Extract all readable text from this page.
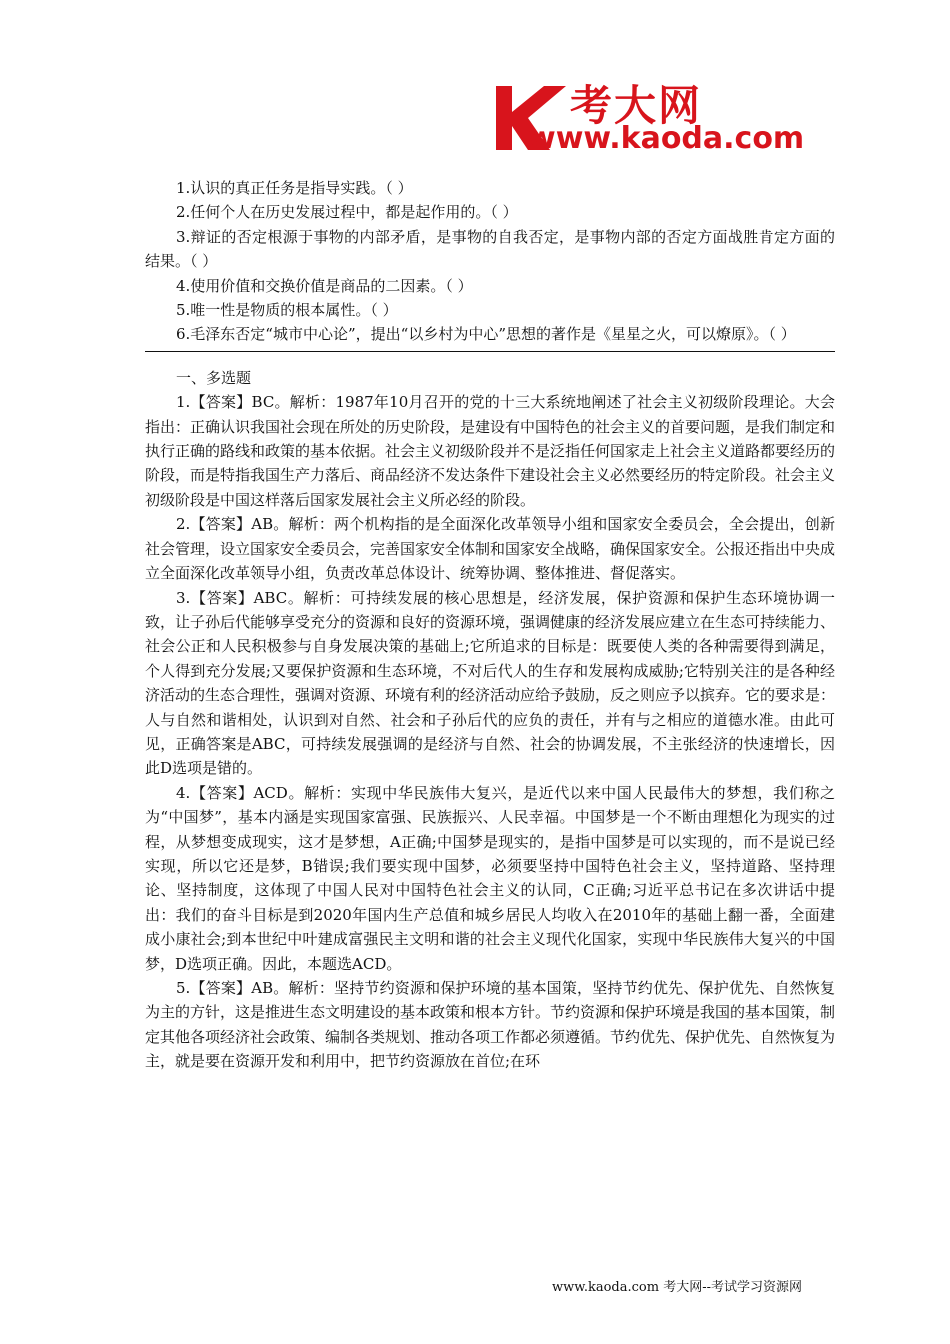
考大网
www.kaoda.com

1.认识的真正任务是指导实践。（ ）

2.任何个人在历史发展过程中，都是起作用的。（ ）

3.辩证的否定根源于事物的内部矛盾，是事物的自我否定，是事物内部的否定方面战胜肯定方面的结果。（ ）

4.使用价值和交换价值是商品的二因素。（ ）

5.唯一性是物质的根本属性。（ ）

6.毛泽东否定“城市中心论”，提出“以乡村为中心”思想的著作是《星星之火，可以燎原》。（ ）

一、多选题

1.【答案】BC。解析：1987年10月召开的党的十三大系统地阐述了社会主义初级阶段理论。大会指出：正确认识我国社会现在所处的历史阶段，是建设有中国特色的社会主义的首要问题，是我们制定和执行正确的路线和政策的基本依据。社会主义初级阶段并不是泛指任何国家走上社会主义道路都要经历的阶段，而是特指我国生产力落后、商品经济不发达条件下建设社会主义必然要经历的特定阶段。社会主义初级阶段是中国这样落后国家发展社会主义所必经的阶段。

2.【答案】AB。解析：两个机构指的是全面深化改革领导小组和国家安全委员会，全会提出，创新社会管理，设立国家安全委员会，完善国家安全体制和国家安全战略，确保国家安全。公报还指出中央成立全面深化改革领导小组，负责改革总体设计、统筹协调、整体推进、督促落实。

3.【答案】ABC。解析：可持续发展的核心思想是，经济发展，保护资源和保护生态环境协调一致，让子孙后代能够享受充分的资源和良好的资源环境，强调健康的经济发展应建立在生态可持续能力、社会公正和人民积极参与自身发展决策的基础上;它所追求的目标是：既要使人类的各种需要得到满足，个人得到充分发展;又要保护资源和生态环境，不对后代人的生存和发展构成威胁;它特别关注的是各种经济活动的生态合理性，强调对资源、环境有利的经济活动应给予鼓励，反之则应予以摈弃。它的要求是：人与自然和谐相处，认识到对自然、社会和子孙后代的应负的责任，并有与之相应的道德水准。由此可见，正确答案是ABC，可持续发展强调的是经济与自然、社会的协调发展，不主张经济的快速增长，因此D选项是错的。

4.【答案】ACD。解析：实现中华民族伟大复兴，是近代以来中国人民最伟大的梦想，我们称之为“中国梦”，基本内涵是实现国家富强、民族振兴、人民幸福。中国梦是一个不断由理想化为现实的过程，从梦想变成现实，这才是梦想，A正确;中国梦是现实的，是指中国梦是可以实现的，而不是说已经实现，所以它还是梦，B错误;我们要实现中国梦，必须要坚持中国特色社会主义，坚持道路、坚持理论、坚持制度，这体现了中国人民对中国特色社会主义的认同，C正确;习近平总书记在多次讲话中提出：我们的奋斗目标是到2020年国内生产总值和城乡居民人均收入在2010年的基础上翻一番，全面建成小康社会;到本世纪中叶建成富强民主文明和谐的社会主义现代化国家，实现中华民族伟大复兴的中国梦，D选项正确。因此，本题选ACD。

5.【答案】AB。解析：坚持节约资源和保护环境的基本国策，坚持节约优先、保护优先、自然恢复为主的方针，这是推进生态文明建设的基本政策和根本方针。节约资源和保护环境是我国的基本国策，制定其他各项经济社会政策、编制各类规划、推动各项工作都必须遵循。节约优先、保护优先、自然恢复为主，就是要在资源开发和利用中，把节约资源放在首位;在环

www.kaoda.com 考大网--考试学习资源网
